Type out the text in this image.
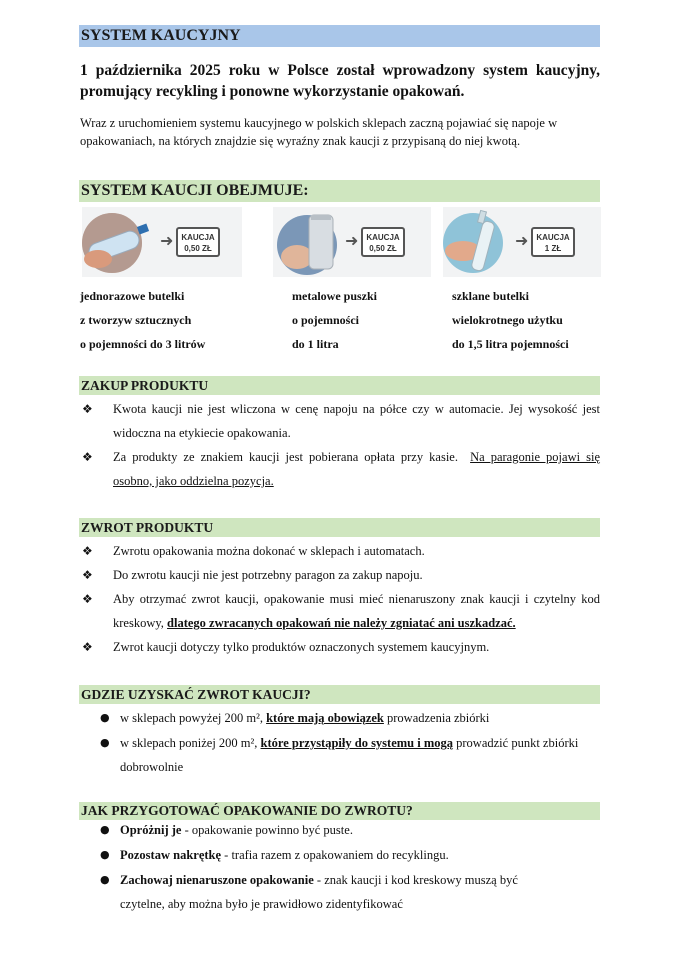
SYSTEM KAUCYJNY
1 października 2025 roku w Polsce został wprowadzony system kaucyjny, promujący recykling i ponowne wykorzystanie opakowań.
Wraz z uruchomieniem systemu kaucyjnego w polskich sklepach zaczną pojawiać się napoje w opakowaniach, na których znajdzie się wyraźny znak kaucji z przypisaną do niej kwotą.
SYSTEM KAUCJI OBEJMUJE:
➜ KAUCJA
0,50 ZŁ	➜ KAUCJA
0,50 ZŁ	➜ KAUCJA
1 ZŁ
jednorazowe butelki
z tworzyw sztucznych
o pojemności do 3 litrów
metalowe puszki
o pojemności
do 1 litra
szklane butelki
wielokrotnego użytku
do 1,5 litra pojemności
ZAKUP PRODUKTU
❖ Kwota kaucji nie jest wliczona w cenę napoju na półce czy w automacie. Jej wysokość jest widoczna na etykiecie opakowania.
❖ Za produkty ze znakiem kaucji jest pobierana opłata przy kasie. Na paragonie pojawi się osobno, jako oddzielna pozycja.
ZWROT PRODUKTU
❖ Zwrotu opakowania można dokonać w sklepach i automatach.
❖ Do zwrotu kaucji nie jest potrzebny paragon za zakup napoju.
❖ Aby otrzymać zwrot kaucji, opakowanie musi mieć nienaruszony znak kaucji i czytelny kod kreskowy, dlatego zwracanych opakowań nie należy zgniatać ani uszkadzać.
❖ Zwrot kaucji dotyczy tylko produktów oznaczonych systemem kaucyjnym.
GDZIE UZYSKAĆ ZWROT KAUCJI?
● w sklepach powyżej 200 m², które mają obowiązek prowadzenia zbiórki
● w sklepach poniżej 200 m², które przystąpiły do systemu i mogą prowadzić punkt zbiórki dobrowolnie
JAK PRZYGOTOWAĆ OPAKOWANIE DO ZWROTU?
● Opróżnij je - opakowanie powinno być puste.
● Pozostaw nakrętkę - trafia razem z opakowaniem do recyklingu.
● Zachowaj nienaruszone opakowanie - znak kaucji i kod kreskowy muszą być czytelne, aby można było je prawidłowo zidentyfikować
